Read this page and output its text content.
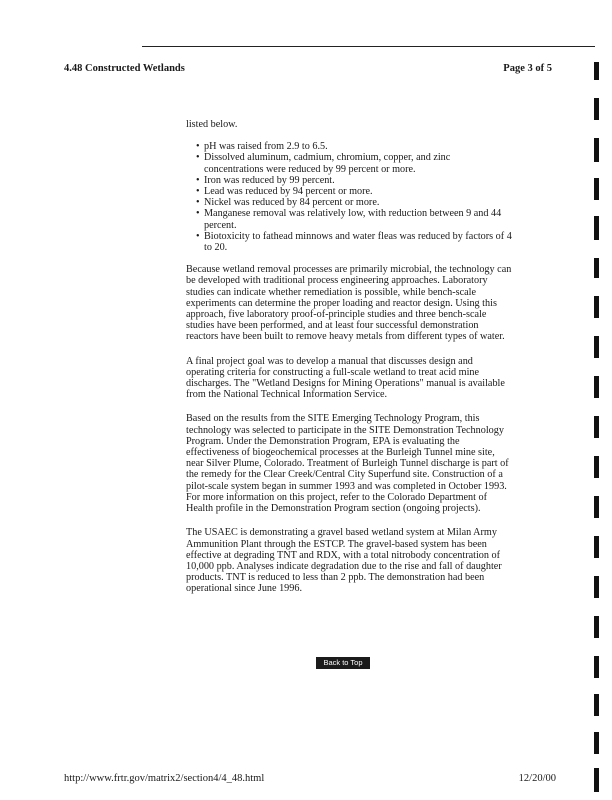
4.48 Constructed Wetlands	Page 3 of 5

listed below.

• pH was raised from 2.9 to 6.5.
• Dissolved aluminum, cadmium, chromium, copper, and zinc concentrations were reduced by 99 percent or more.
• Iron was reduced by 99 percent.
• Lead was reduced by 94 percent or more.
• Nickel was reduced by 84 percent or more.
• Manganese removal was relatively low, with reduction between 9 and 44 percent.
• Biotoxicity to fathead minnows and water fleas was reduced by factors of 4 to 20.

Because wetland removal processes are primarily microbial, the technology can be developed with traditional process engineering approaches. Laboratory studies can indicate whether remediation is possible, while bench-scale experiments can determine the proper loading and reactor design. Using this approach, five laboratory proof-of-principle studies and three bench-scale studies have been performed, and at least four successful demonstration reactors have been built to remove heavy metals from different types of water.

A final project goal was to develop a manual that discusses design and operating criteria for constructing a full-scale wetland to treat acid mine discharges. The "Wetland Designs for Mining Operations" manual is available from the National Technical Information Service.

Based on the results from the SITE Emerging Technology Program, this technology was selected to participate in the SITE Demonstration Technology Program. Under the Demonstration Program, EPA is evaluating the effectiveness of biogeochemical processes at the Burleigh Tunnel mine site, near Silver Plume, Colorado. Treatment of Burleigh Tunnel discharge is part of the remedy for the Clear Creek/Central City Superfund site. Construction of a pilot-scale system began in summer 1993 and was completed in October 1993. For more information on this project, refer to the Colorado Department of Health profile in the Demonstration Program section (ongoing projects).

The USAEC is demonstrating a gravel based wetland system at Milan Army Ammunition Plant through the ESTCP. The gravel-based system has been effective at degrading TNT and RDX, with a total nitrobody concentration of 10,000 ppb. Analyses indicate degradation due to the rise and fall of daughter products. TNT is reduced to less than 2 ppb. The demonstration had been operational since June 1996.

Back to Top
http://www.frtr.gov/matrix2/section4/4_48.html	12/20/00
